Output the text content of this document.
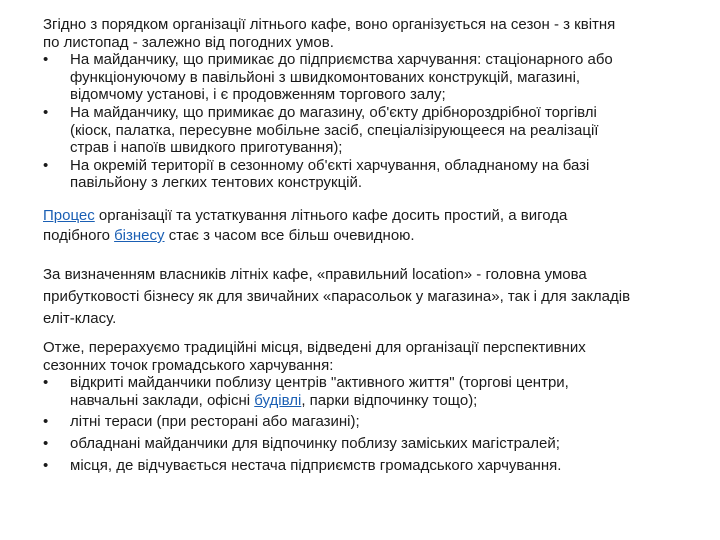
Згідно з порядком організації літнього кафе, воно організується на сезон - з квітня
по листопад - залежно від погодних умов.
• На майданчику, що примикає до підприємства харчування: стаціонарного або
функціонуючому в павільйоні з швидкомонтованих конструкцій, магазині,
відомчому установі, і є продовженням торгового залу;
• На майданчику, що примикає до магазину, об'єкту дрібнороздрібної торгівлі
(кіоск, палатка, пересувне мобільне засіб, спеціалізірующееся на реалізації
страв і напоїв швидкого приготування);
• На окремій території в сезонному об'єкті харчування, обладнаному на базі
павільйону з легких тентових конструкцій.
Процес організації та устаткування літнього кафе досить простий, а вигода
подібного бізнесу стає з часом все більш очевидною.
За визначенням власників літніх кафе, «правильний location» - головна умова
прибутковості бізнесу як для звичайних «парасольок у магазина», так і для закладів
еліт-класу.
Отже, перерахуємо традиційні місця, відведені для організації перспективних
сезонних точок громадського харчування:
• відкриті майданчики поблизу центрів "активного життя" (торгові центри,
навчальні заклади, офісні будівлі, парки відпочинку тощо);
• літні тераси (при ресторані або магазині);
• обладнані майданчики для відпочинку поблизу заміських магістралей;
• місця, де відчувається нестача підприємств громадського харчування.
